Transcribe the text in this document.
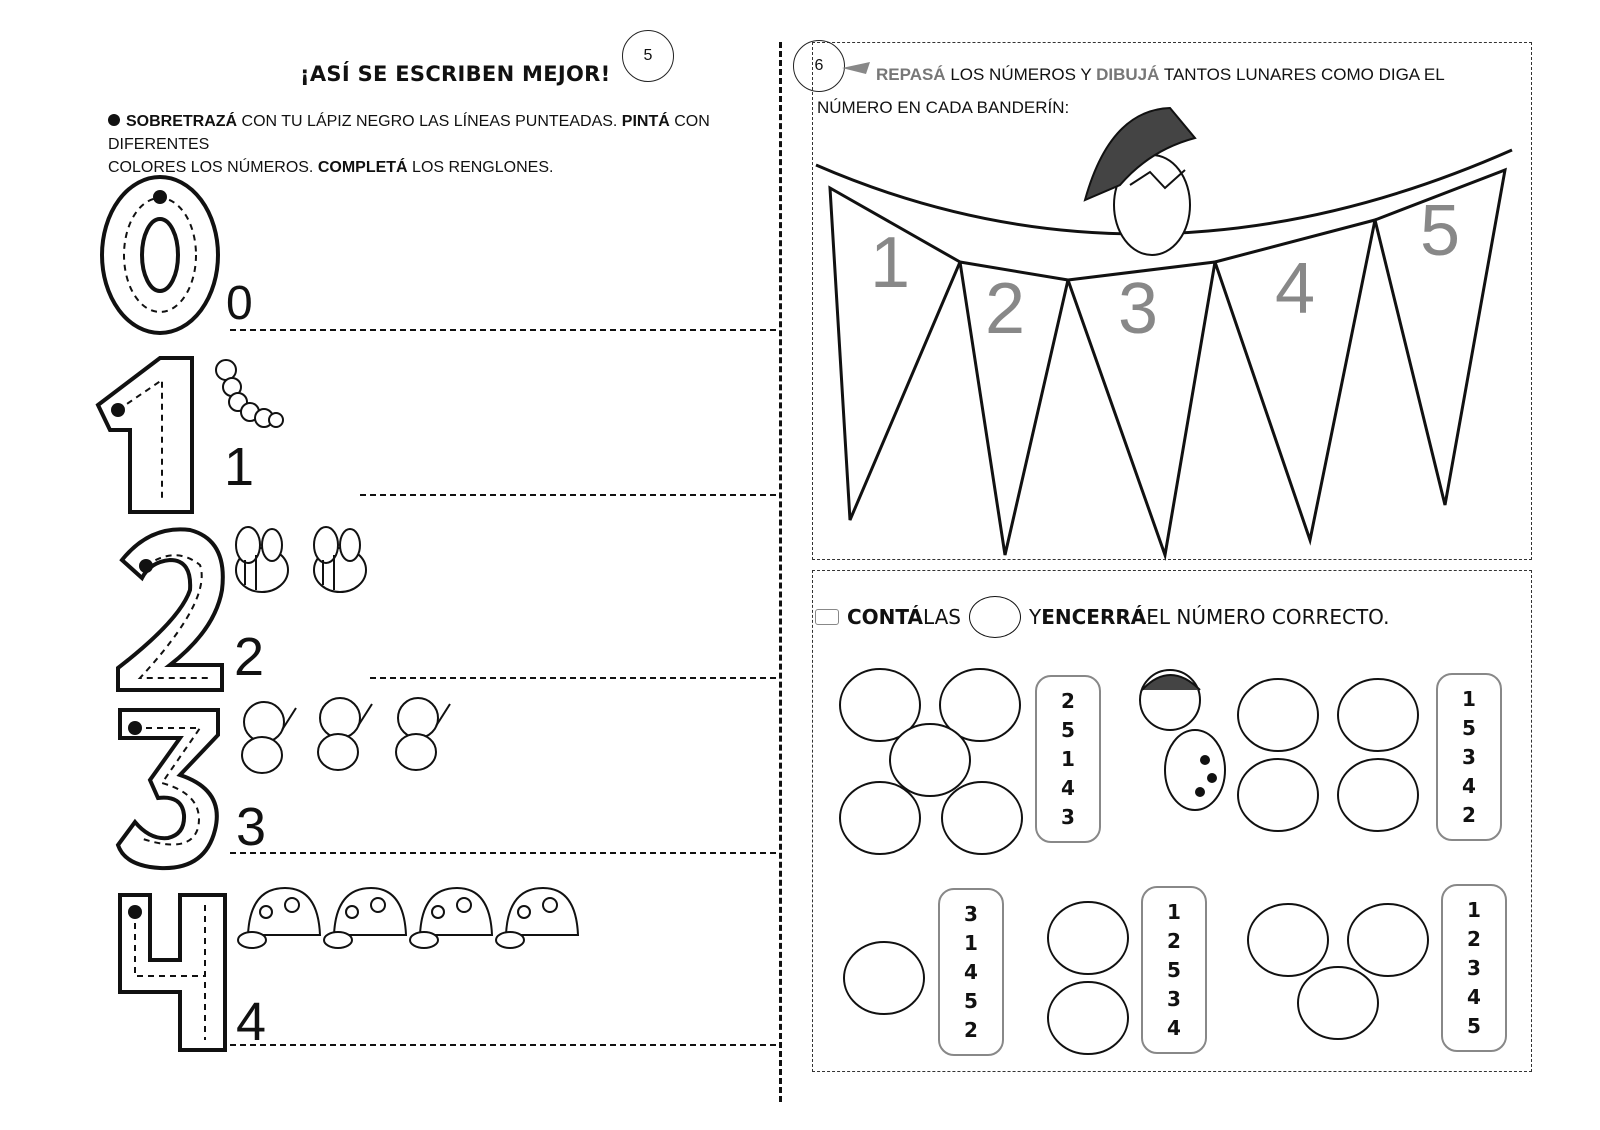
5
¡ASÍ SE ESCRIBEN MEJOR!
SOBRETRAZÁ CON TU LÁPIZ NEGRO LAS LÍNEAS PUNTEADAS. PINTÁ CON DIFERENTES
COLORES LOS NÚMEROS. COMPLETÁ LOS RENGLONES.
0
1
2
3
4
6	REPASÁ LOS NÚMEROS Y DIBUJÁ TANTOS LUNARES COMO DIGA EL
NÚMERO EN CADA BANDERÍN:
1
2 3 4
5
CONTÁ LAS	Y ENCERRÁ EL NÚMERO CORRECTO.
2
5
1
4
3
1
5
3
4
2
3
1
4
5
2
1
2
5
3
4
1
2
3
4
5
